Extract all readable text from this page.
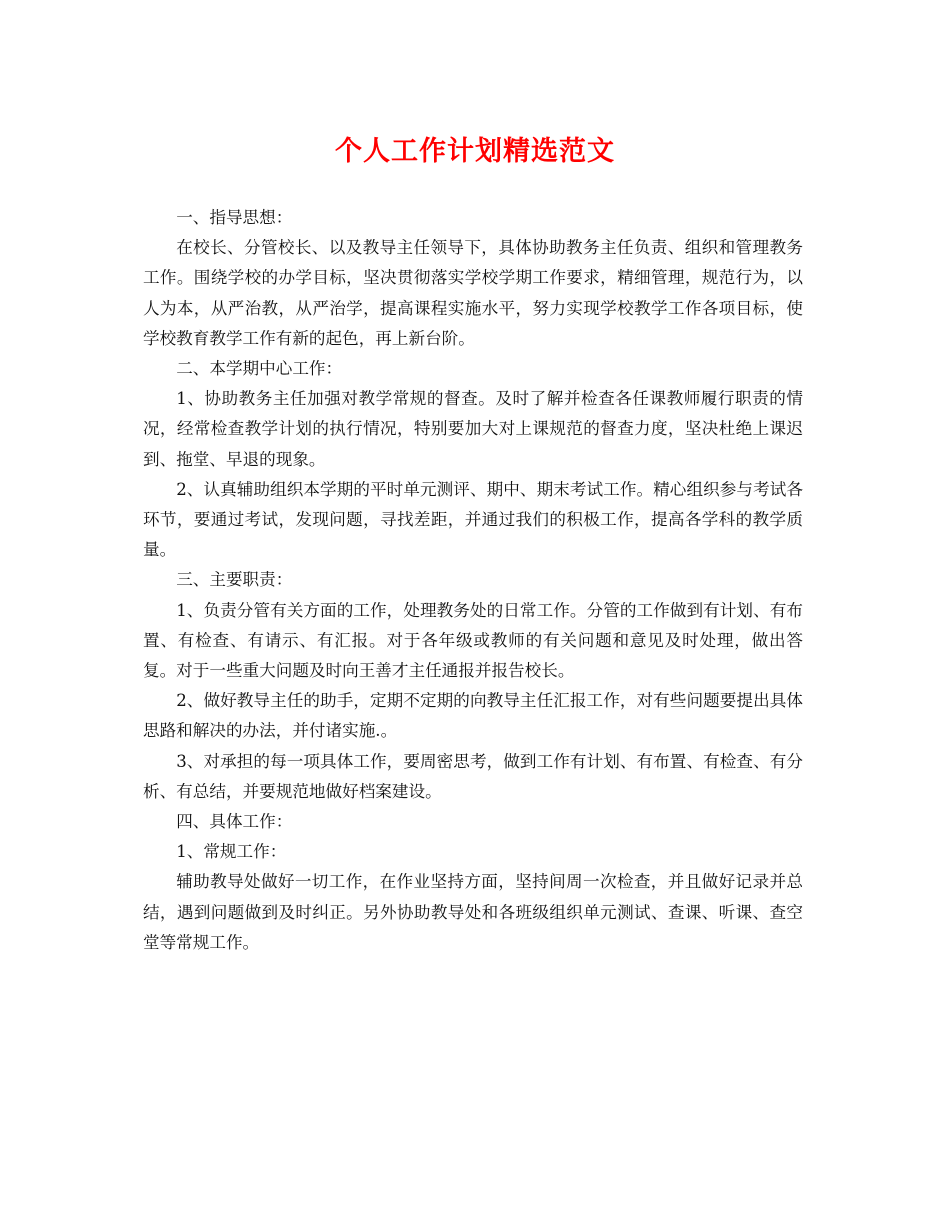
个人工作计划精选范文

一、指导思想：

在校长、分管校长、以及教导主任领导下，具体协助教务主任负责、组织和管理教务工作。围绕学校的办学目标，坚决贯彻落实学校学期工作要求，精细管理，规范行为，以人为本，从严治教，从严治学，提高课程实施水平，努力实现学校教学工作各项目标，使学校教育教学工作有新的起色，再上新台阶。

二、本学期中心工作：

1、协助教务主任加强对教学常规的督查。及时了解并检查各任课教师履行职责的情况，经常检查教学计划的执行情况，特别要加大对上课规范的督查力度，坚决杜绝上课迟到、拖堂、早退的现象。

2、认真辅助组织本学期的平时单元测评、期中、期末考试工作。精心组织参与考试各环节，要通过考试，发现问题，寻找差距，并通过我们的积极工作，提高各学科的教学质量。

三、主要职责：

1、负责分管有关方面的工作，处理教务处的日常工作。分管的工作做到有计划、有布置、有检查、有请示、有汇报。对于各年级或教师的有关问题和意见及时处理，做出答复。对于一些重大问题及时向王善才主任通报并报告校长。

2、做好教导主任的助手，定期不定期的向教导主任汇报工作，对有些问题要提出具体思路和解决的办法，并付诸实施.。

3、对承担的每一项具体工作，要周密思考，做到工作有计划、有布置、有检查、有分析、有总结，并要规范地做好档案建设。

四、具体工作：

1、常规工作：

辅助教导处做好一切工作，在作业坚持方面，坚持间周一次检查，并且做好记录并总结，遇到问题做到及时纠正。另外协助教导处和各班级组织单元测试、查课、听课、查空堂等常规工作。
